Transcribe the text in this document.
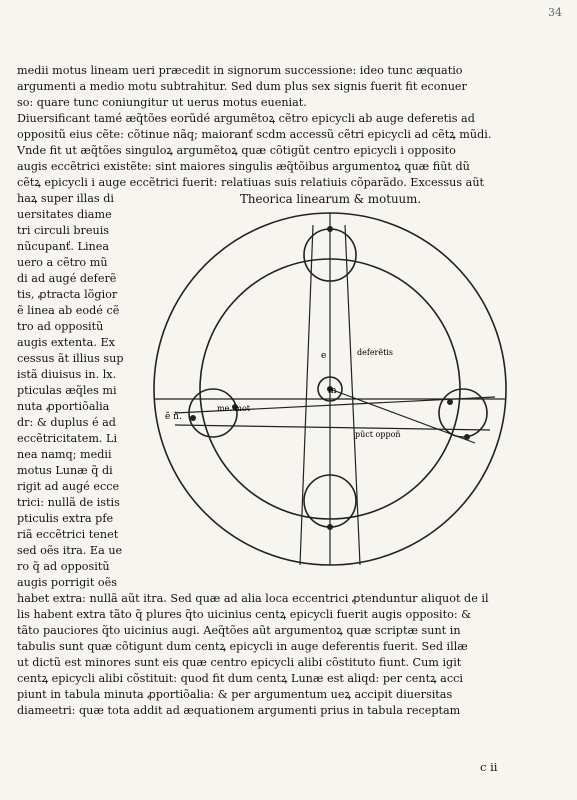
34
medii motus lineam ueri præcedit in signorum successione: ideo tunc æquatio
argumenti a medio motu subtrahitur. Sed dum plus sex signis fuerit fit econuer
so: quare tunc coniungitur ut uerus motus eueniat.
Diuersificant tamé æq̃tões eorũdé argumẽtoꝝ cẽtro epicycli ab auge deferetis ad
oppositũ eius cẽte: cõtinue nãq; maioranť scdm accessũ cẽtri epicycli ad cẽtꝝ mũdi.
Vnde fit ut æq̃tões singuloꝝ argumẽtoꝝ quæ cõtigũt centro epicycli i opposito
augis eccẽtrici existẽte: sint maiores singulis æq̃tõibus argumentoꝝ quæ fiũt dũ
cẽtꝝ epicycli i auge eccẽtrici fuerit: relatiuas suis relatiuis cõparãdo. Excessus aũt
Theorica linearum & motuum.
haꝝ super illas di
uersitates diame
tri circuli breuis
nũcupanť. Linea
uero a cẽtro mũ
di ad augé deferẽ
tis, ꝓtracta lõgior
ẽ linea ab eodé cẽ
tro ad oppositũ
augis extenta. Ex
cessus ãt illius sup
istã diuisus in. lx.
pticulas æq̃les mi
nuta ꝓportiõalia
dr: & duplus é ad
eccẽtricitatem. Li
nea namq; medii
motus Lunæ q̃ di
rigit ad augé ecce
trici: nullã de istis
pticulis extra pfe
riã eccẽtrici tenet
sed oẽs itra. Ea ue
ro q̃ ad oppositũ
augis porrigit oẽs
e
m
deferẽtis
me. mot
pũct oppoñ
ẽ ñ.
habet extra: nullã aũt itra. Sed quæ ad alia loca eccentrici ꝓtenduntur aliquot de il
lis habent extra tãto q̃ plures q̃to uicinius centꝝ epicycli fuerit augis opposito: &
tãto pauciores q̃to uicinius augi. Aeq̃tões aũt argumentoꝝ quæ scriptæ sunt in
tabulis sunt quæ cõtigunt dum centꝝ epicycli in auge deferentis fuerit. Sed illæ
ut dictũ est minores sunt eis quæ centro epicycli alibi cõstituto fiunt. Cum igit
centꝝ epicycli alibi cõstituit: quod fit dum centꝝ Lunæ est aliqd: per centꝝ acci
piunt in tabula minuta ꝓportiõalia: & per argumentum ueꝝ accipit diuersitas
diameetri: quæ tota addit ad æquationem argumenti prius in tabula receptam
c ii
